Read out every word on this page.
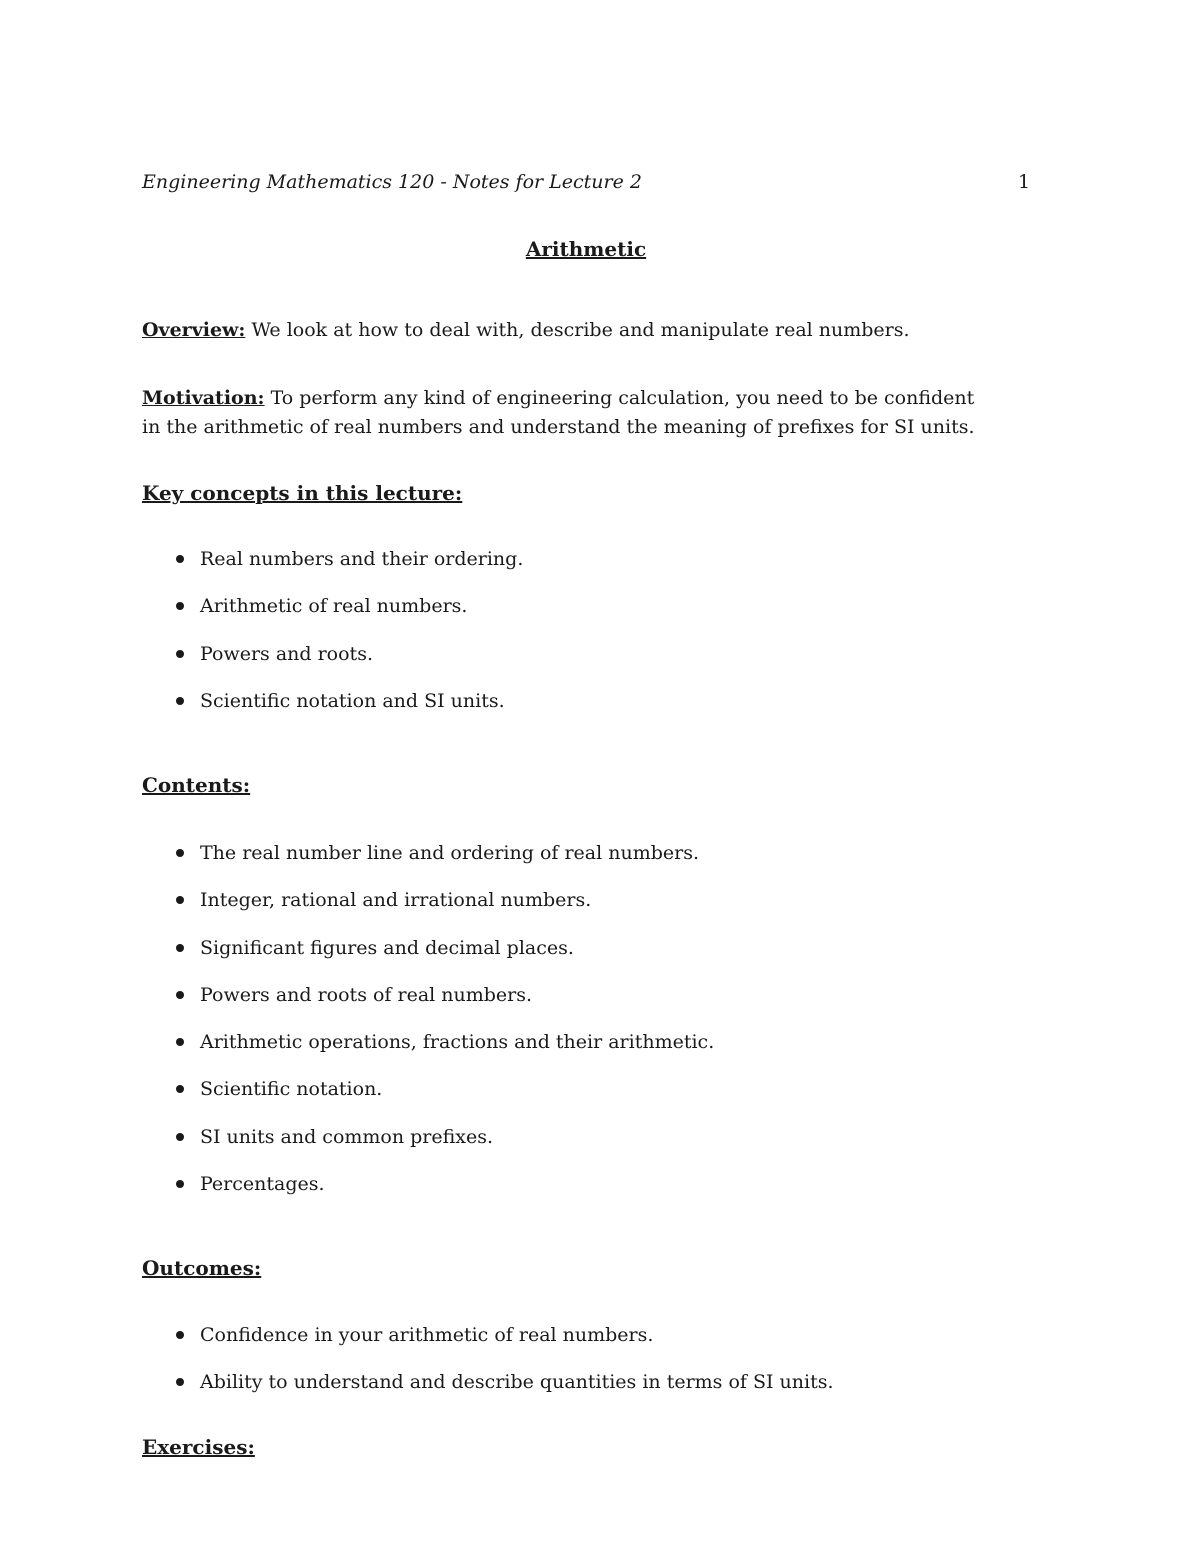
Engineering Mathematics 120 - Notes for Lecture 2	1
Arithmetic
Overview: We look at how to deal with, describe and manipulate real numbers.
Motivation: To perform any kind of engineering calculation, you need to be confident
in the arithmetic of real numbers and understand the meaning of prefixes for SI units.
Key concepts in this lecture:
Real numbers and their ordering.
Arithmetic of real numbers.
Powers and roots.
Scientific notation and SI units.
Contents:
The real number line and ordering of real numbers.
Integer, rational and irrational numbers.
Significant figures and decimal places.
Powers and roots of real numbers.
Arithmetic operations, fractions and their arithmetic.
Scientific notation.
SI units and common prefixes.
Percentages.
Outcomes:
Confidence in your arithmetic of real numbers.
Ability to understand and describe quantities in terms of SI units.
Exercises:
